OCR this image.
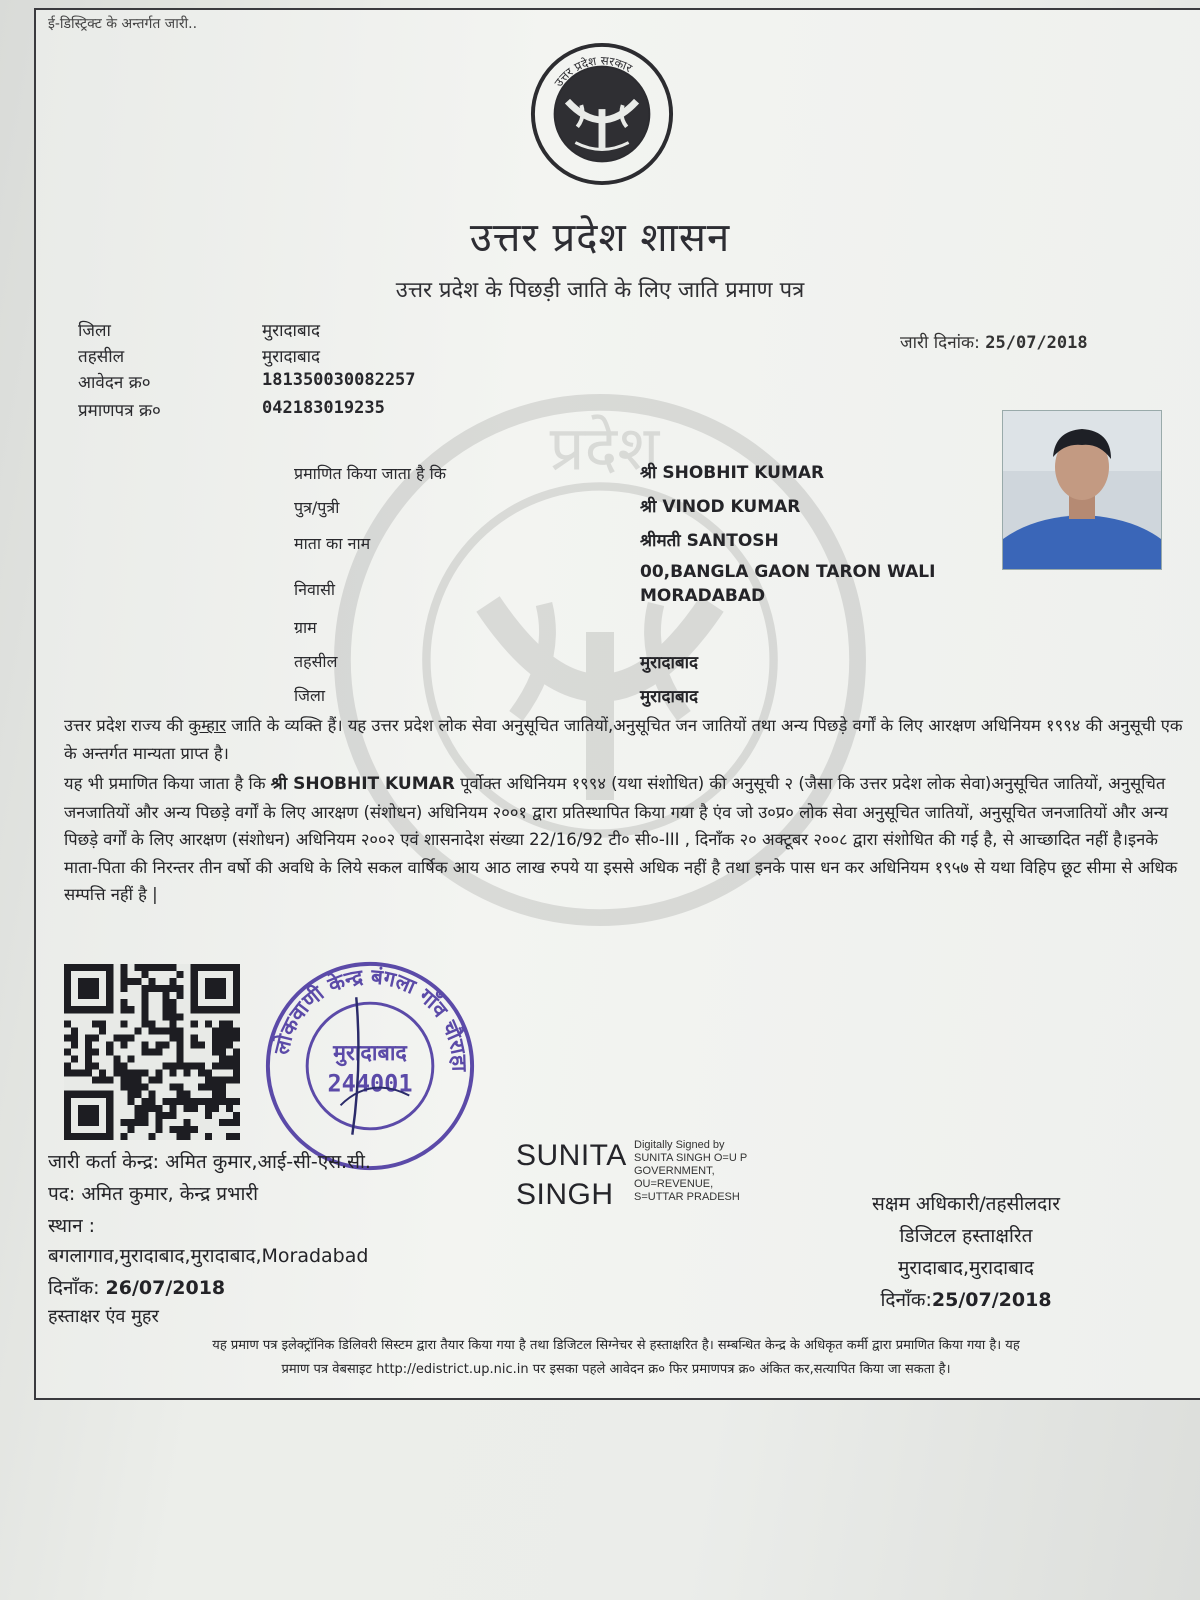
ई-डिस्ट्रिक्ट के अन्तर्गत जारी..
प्रदेश
उत्तर प्रदेश सरकार
उत्तर प्रदेश शासन
उत्तर प्रदेश के पिछड़ी जाति के लिए जाति प्रमाण पत्र
जिला	मुरादाबाद
तहसील	मुरादाबाद
आवेदन क्र०	181350030082257
प्रमाणपत्र क्र०	042183019235
जारी दिनांक: 25/07/2018
प्रमाणित किया जाता है कि	श्री SHOBHIT KUMAR
पुत्र/पुत्री	श्री VINOD KUMAR
माता का नाम	श्रीमती SANTOSH
निवासी
00,BANGLA GAON TARON WALI
MORADABAD
ग्राम
तहसील	मुरादाबाद
जिला	मुरादाबाद
उत्तर प्रदेश राज्य की कुम्हार जाति के व्यक्ति हैं। यह उत्तर प्रदेश लोक सेवा अनुसूचित जातियों,अनुसूचित जन जातियों तथा अन्य पिछड़े वर्गों के लिए आरक्षण अधिनियम १९९४ की अनुसूची एक के अन्तर्गत मान्यता प्राप्त है।
यह भी प्रमाणित किया जाता है कि श्री SHOBHIT KUMAR पूर्वोक्त अधिनियम १९९४ (यथा संशोधित) की अनुसूची २ (जैसा कि उत्तर प्रदेश लोक सेवा)अनुसूचित जातियों, अनुसूचित जनजातियों और अन्य पिछड़े वर्गों के लिए आरक्षण (संशोधन) अधिनियम २००१ द्वारा प्रतिस्थापित किया गया है एंव जो उ०प्र० लोक सेवा अनुसूचित जातियों, अनुसूचित जनजातियों और अन्य पिछड़े वर्गों के लिए आरक्षण (संशोधन) अधिनियम २००२ एवं शासनादेश संख्या 22/16/92 टी० सी०-III , दिनाँक २० अक्टूबर २००८ द्वारा संशोधित की गई है, से आच्छादित नहीं है।इनके माता-पिता की निरन्तर तीन वर्षो की अवधि के लिये सकल वार्षिक आय आठ लाख रुपये या इससे अधिक नहीं है तथा इनके पास धन कर अधिनियम १९५७ से यथा विहिप छूट सीमा से अधिक सम्पत्ति नहीं है |
लोकवाणी केन्द्र बंगला गाँव चौराहा
मुरादाबाद
244001
जारी कर्ता केन्द्र: अमित कुमार,आई-सी-एस.सी.
पद: अमित कुमार, केन्द्र प्रभारी
स्थान :
बगलागाव,मुरादाबाद,मुरादाबाद,Moradabad
दिनाँक: 26/07/2018
हस्ताक्षर एंव मुहर
SUNITA
SINGH
Digitally Signed by
SUNITA SINGH O=U P
GOVERNMENT,
OU=REVENUE,
S=UTTAR PRADESH	सक्षम अधिकारी/तहसीलदार
डिजिटल हस्ताक्षरित
मुरादाबाद,मुरादाबाद
दिनाँक:25/07/2018
यह प्रमाण पत्र इलेक्ट्रॉनिक डिलिवरी सिस्टम द्वारा तैयार किया गया है तथा डिजिटल सिग्नेचर से हस्ताक्षरित है। सम्बन्धित केन्द्र के अधिकृत कर्मी द्वारा प्रमाणित किया गया है। यह
प्रमाण पत्र वेबसाइट http://edistrict.up.nic.in पर इसका पहले आवेदन क्र० फिर प्रमाणपत्र क्र० अंकित कर,सत्यापित किया जा सकता है।
